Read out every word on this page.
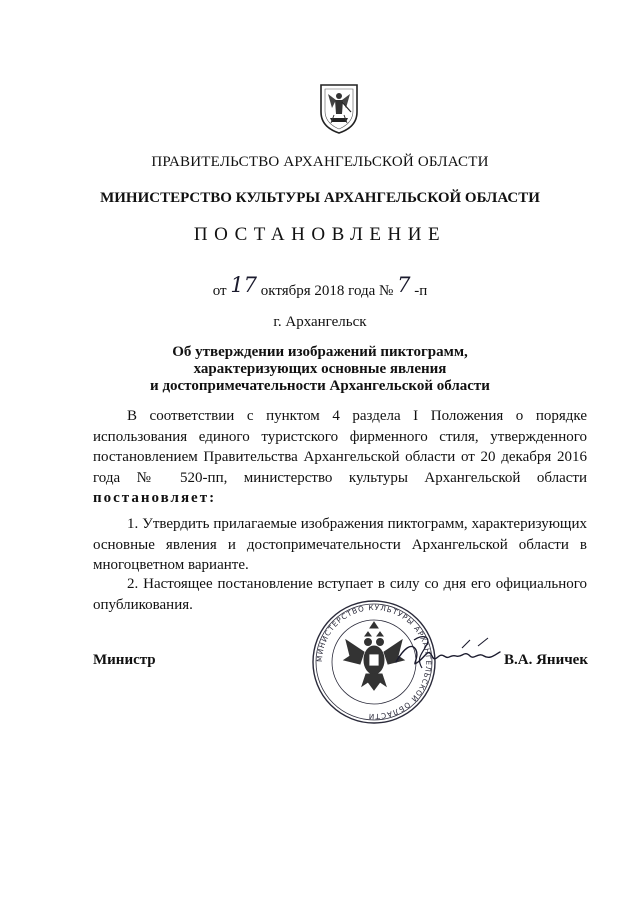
ПРАВИТЕЛЬСТВО АРХАНГЕЛЬСКОЙ ОБЛАСТИ
МИНИСТЕРСТВО КУЛЬТУРЫ АРХАНГЕЛЬСКОЙ ОБЛАСТИ
ПОСТАНОВЛЕНИЕ
от 17 октября 2018 года № 7 -п
г. Архангельск
Об утверждении изображений пиктограмм,
характеризующих основные явления
и достопримечательности Архангельской области
В соответствии с пунктом 4 раздела I Положения о порядке использования единого туристского фирменного стиля, утвержденного постановлением Правительства Архангельской области от 20 декабря 2016 года № 520-пп, министерство культуры Архангельской области постановляет:
1. Утвердить прилагаемые изображения пиктограмм, характеризующих основные явления и достопримечательности Архангельской области в многоцветном варианте.
2. Настоящее постановление вступает в силу со дня его официального опубликования.
МИНИСТЕРСТВО КУЛЬТУРЫ АРХАНГЕЛЬСКОЙ ОБЛАСТИ
Министр	В.А. Яничек
